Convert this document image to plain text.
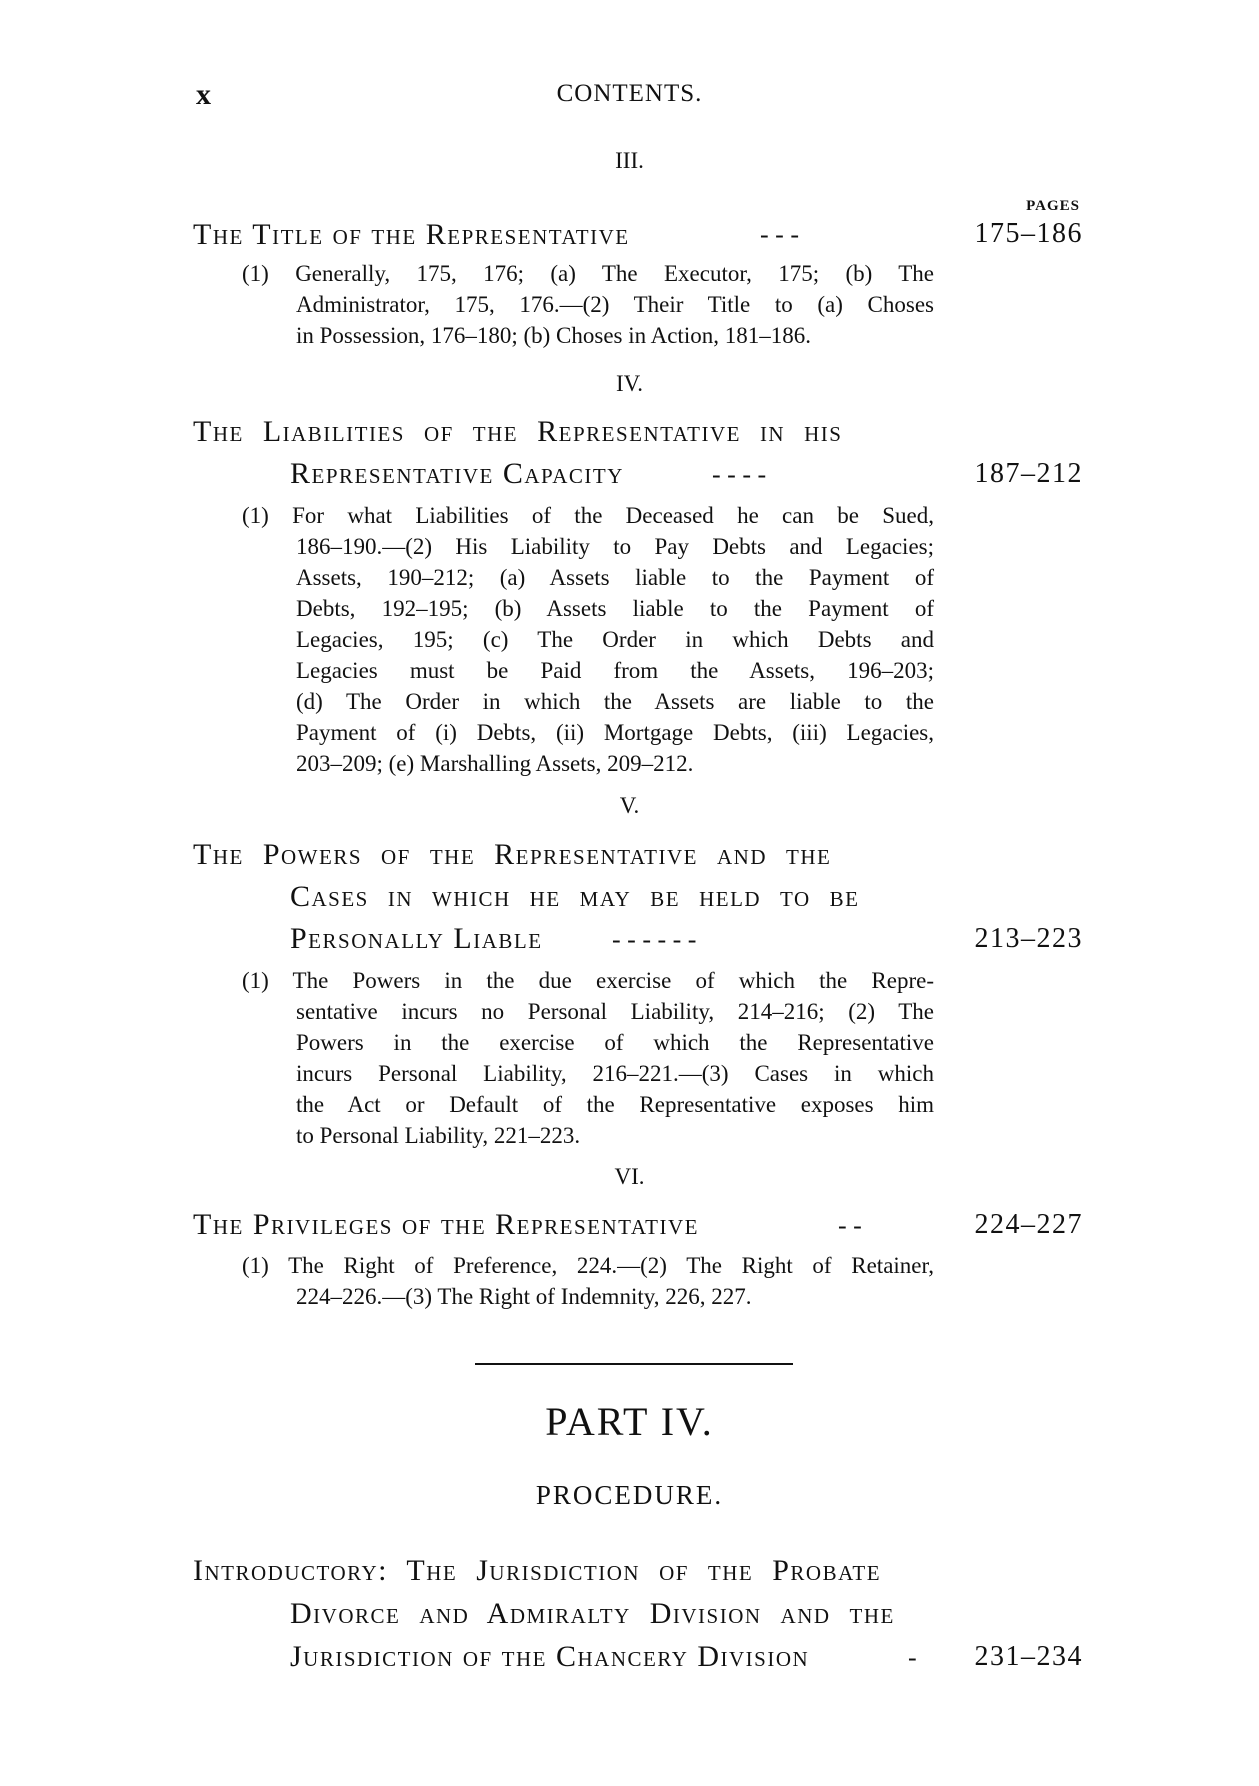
x	CONTENTS.
III.
PAGES
The Title of the Representative	- - -	175–186
(1) Generally, 175, 176; (a) The Executor, 175; (b) The
Administrator, 175, 176.—(2) Their Title to (a) Choses
in Possession, 176–180; (b) Choses in Action, 181–186.
IV.
The Liabilities of the Representative in his
Representative Capacity	- - - -	187–212
(1) For what Liabilities of the Deceased he can be Sued,
186–190.—(2) His Liability to Pay Debts and Legacies;
Assets, 190–212; (a) Assets liable to the Payment of
Debts, 192–195; (b) Assets liable to the Payment of
Legacies, 195; (c) The Order in which Debts and
Legacies must be Paid from the Assets, 196–203;
(d) The Order in which the Assets are liable to the
Payment of (i) Debts, (ii) Mortgage Debts, (iii) Legacies,
203–209; (e) Marshalling Assets, 209–212.
V.
The Powers of the Representative and the
Cases in which he may be held to be
Personally Liable	- - - - - -	213–223
(1) The Powers in the due exercise of which the Repre-
sentative incurs no Personal Liability, 214–216; (2) The
Powers in the exercise of which the Representative
incurs Personal Liability, 216–221.—(3) Cases in which
the Act or Default of the Representative exposes him
to Personal Liability, 221–223.
VI.
The Privileges of the Representative	- -	224–227
(1) The Right of Preference, 224.—(2) The Right of Retainer,
224–226.—(3) The Right of Indemnity, 226, 227.
PART IV.
PROCEDURE.
Introductory: The Jurisdiction of the Probate
Divorce and Admiralty Division and the
Jurisdiction of the Chancery Division	-	231–234
